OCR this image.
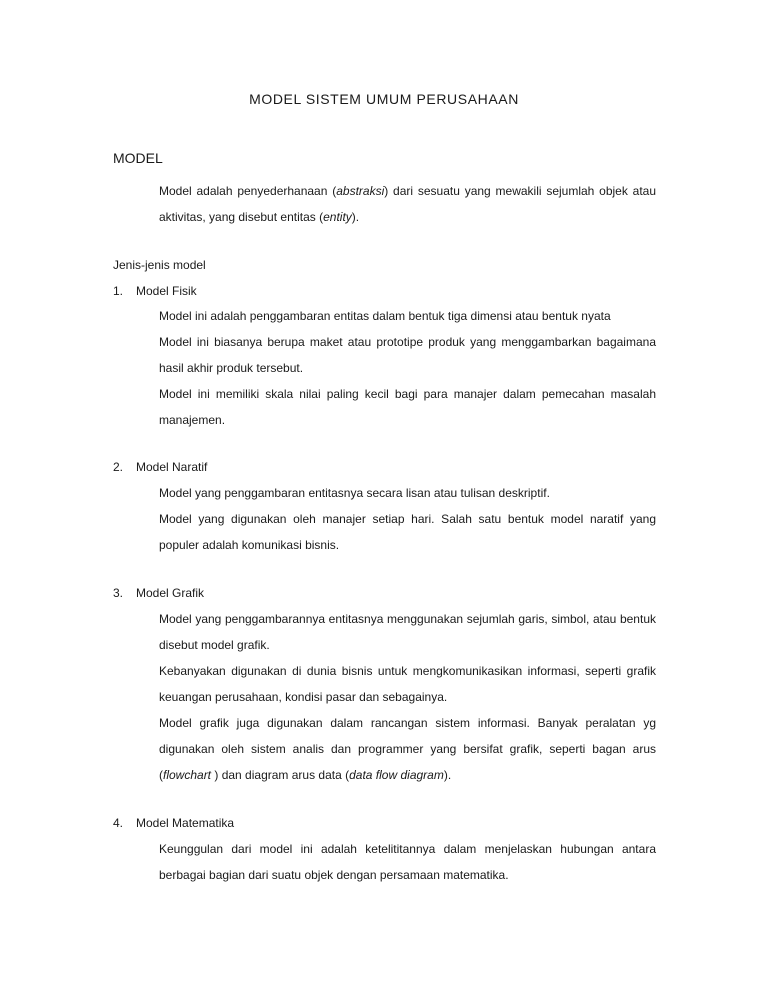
MODEL SISTEM UMUM PERUSAHAAN
MODEL

Model adalah penyederhanaan (abstraksi) dari sesuatu yang mewakili sejumlah objek atau aktivitas, yang disebut entitas (entity).

Jenis-jenis model
1. Model Fisik

Model ini adalah penggambaran entitas dalam bentuk tiga dimensi atau bentuk nyata

Model ini biasanya berupa maket atau prototipe produk yang menggambarkan bagaimana hasil akhir produk tersebut.

Model ini memiliki skala nilai paling kecil bagi para manajer dalam pemecahan masalah manajemen.

2. Model Naratif

Model yang penggambaran entitasnya secara lisan atau tulisan deskriptif.

Model yang digunakan oleh manajer setiap hari. Salah satu bentuk model naratif yang populer adalah komunikasi bisnis.

3. Model Grafik

Model yang penggambarannya entitasnya menggunakan sejumlah garis, simbol, atau bentuk disebut model grafik.

Kebanyakan digunakan di dunia bisnis untuk mengkomunikasikan informasi, seperti grafik keuangan perusahaan, kondisi pasar dan sebagainya.

Model grafik juga digunakan dalam rancangan sistem informasi. Banyak peralatan yg digunakan oleh sistem analis dan programmer yang bersifat grafik, seperti bagan arus (flowchart ) dan diagram arus data (data flow diagram).

4. Model Matematika

Keunggulan dari model ini adalah ketelititannya dalam menjelaskan hubungan antara berbagai bagian dari suatu objek dengan persamaan matematika.
